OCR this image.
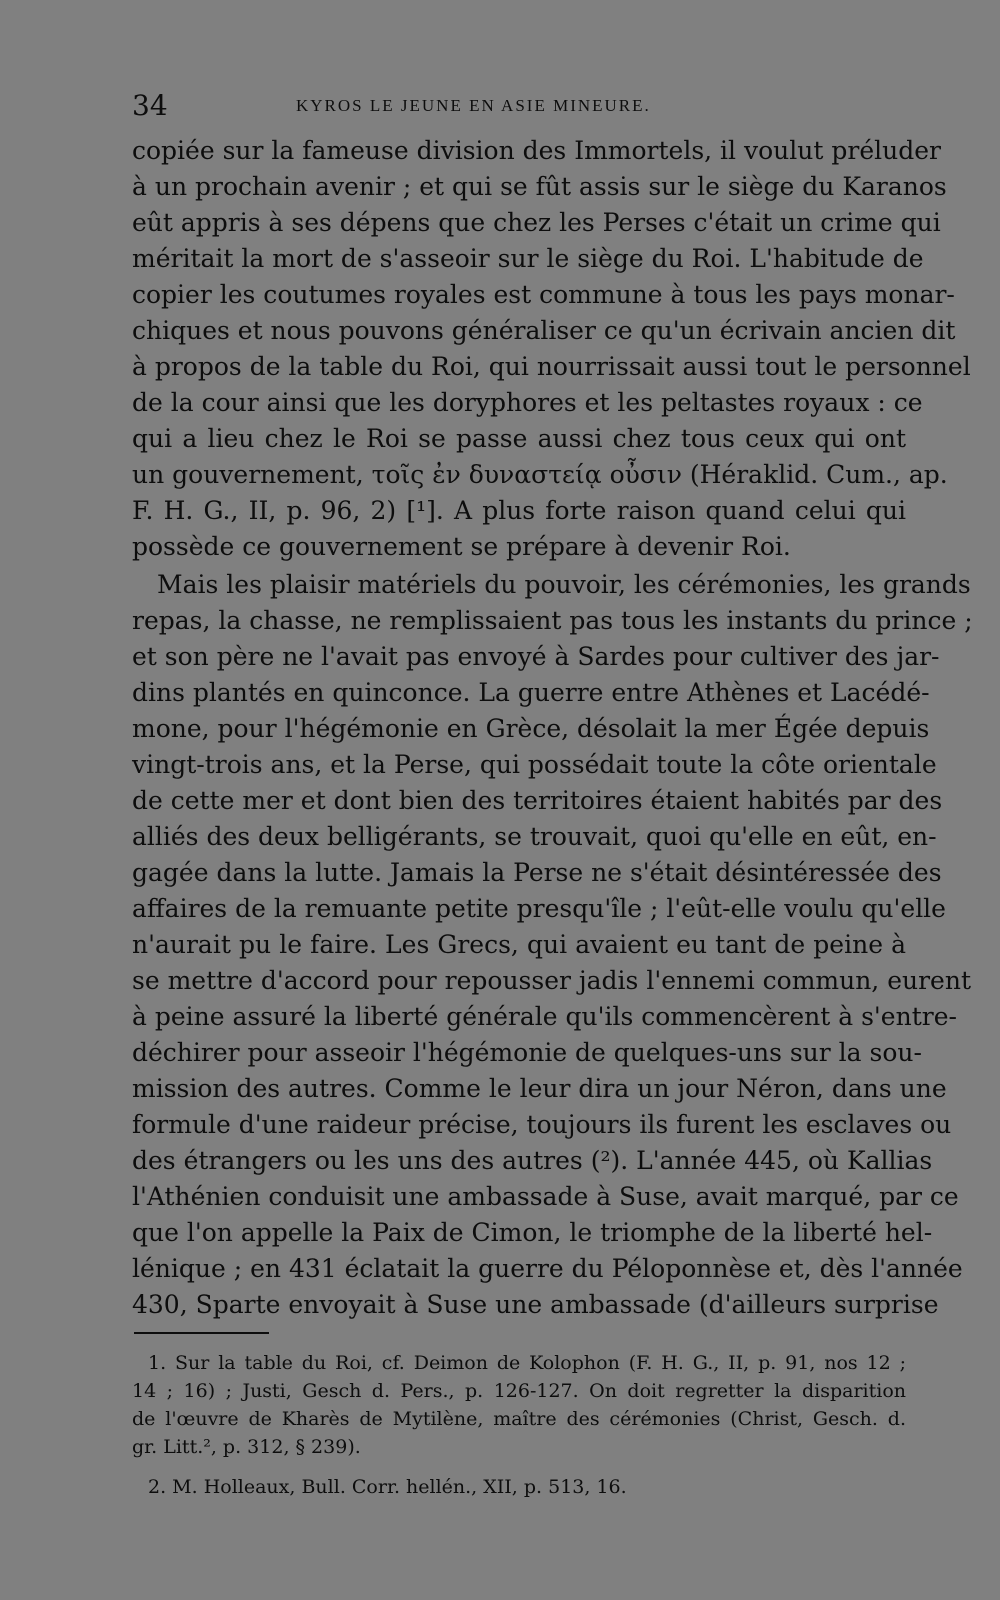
34	KYROS LE JEUNE EN ASIE MINEURE.
copiée sur la fameuse division des Immortels, il voulut préluder
à un prochain avenir ; et qui se fût assis sur le siège du Karanos
eût appris à ses dépens que chez les Perses c'était un crime qui
méritait la mort de s'asseoir sur le siège du Roi. L'habitude de
copier les coutumes royales est commune à tous les pays monar-
chiques et nous pouvons généraliser ce qu'un écrivain ancien dit
à propos de la table du Roi, qui nourrissait aussi tout le personnel
de la cour ainsi que les doryphores et les peltastes royaux : ce
qui a lieu chez le Roi se passe aussi chez tous ceux qui ont
un gouvernement, τοῖς ἐν δυναστείᾳ οὖσιν (Héraklid. Cum., ap.
F. H. G., II, p. 96, 2) [¹]. A plus forte raison quand celui qui
possède ce gouvernement se prépare à devenir Roi.
Mais les plaisir matériels du pouvoir, les cérémonies, les grands
repas, la chasse, ne remplissaient pas tous les instants du prince ;
et son père ne l'avait pas envoyé à Sardes pour cultiver des jar-
dins plantés en quinconce. La guerre entre Athènes et Lacédé-
mone, pour l'hégémonie en Grèce, désolait la mer Égée depuis
vingt-trois ans, et la Perse, qui possédait toute la côte orientale
de cette mer et dont bien des territoires étaient habités par des
alliés des deux belligérants, se trouvait, quoi qu'elle en eût, en-
gagée dans la lutte. Jamais la Perse ne s'était désintéressée des
affaires de la remuante petite presqu'île ; l'eût-elle voulu qu'elle
n'aurait pu le faire. Les Grecs, qui avaient eu tant de peine à
se mettre d'accord pour repousser jadis l'ennemi commun, eurent
à peine assuré la liberté générale qu'ils commencèrent à s'entre-
déchirer pour asseoir l'hégémonie de quelques-uns sur la sou-
mission des autres. Comme le leur dira un jour Néron, dans une
formule d'une raideur précise, toujours ils furent les esclaves ou
des étrangers ou les uns des autres (²). L'année 445, où Kallias
l'Athénien conduisit une ambassade à Suse, avait marqué, par ce
que l'on appelle la Paix de Cimon, le triomphe de la liberté hel-
lénique ; en 431 éclatait la guerre du Péloponnèse et, dès l'année
430, Sparte envoyait à Suse une ambassade (d'ailleurs surprise
1. Sur la table du Roi, cf. Deimon de Kolophon (F. H. G., II, p. 91, nos 12 ;
14 ; 16) ; Justi, Gesch d. Pers., p. 126-127. On doit regretter la disparition
de l'œuvre de Kharès de Mytilène, maître des cérémonies (Christ, Gesch. d.
gr. Litt.², p. 312, § 239).
2. M. Holleaux, Bull. Corr. hellén., XII, p. 513, 16.
